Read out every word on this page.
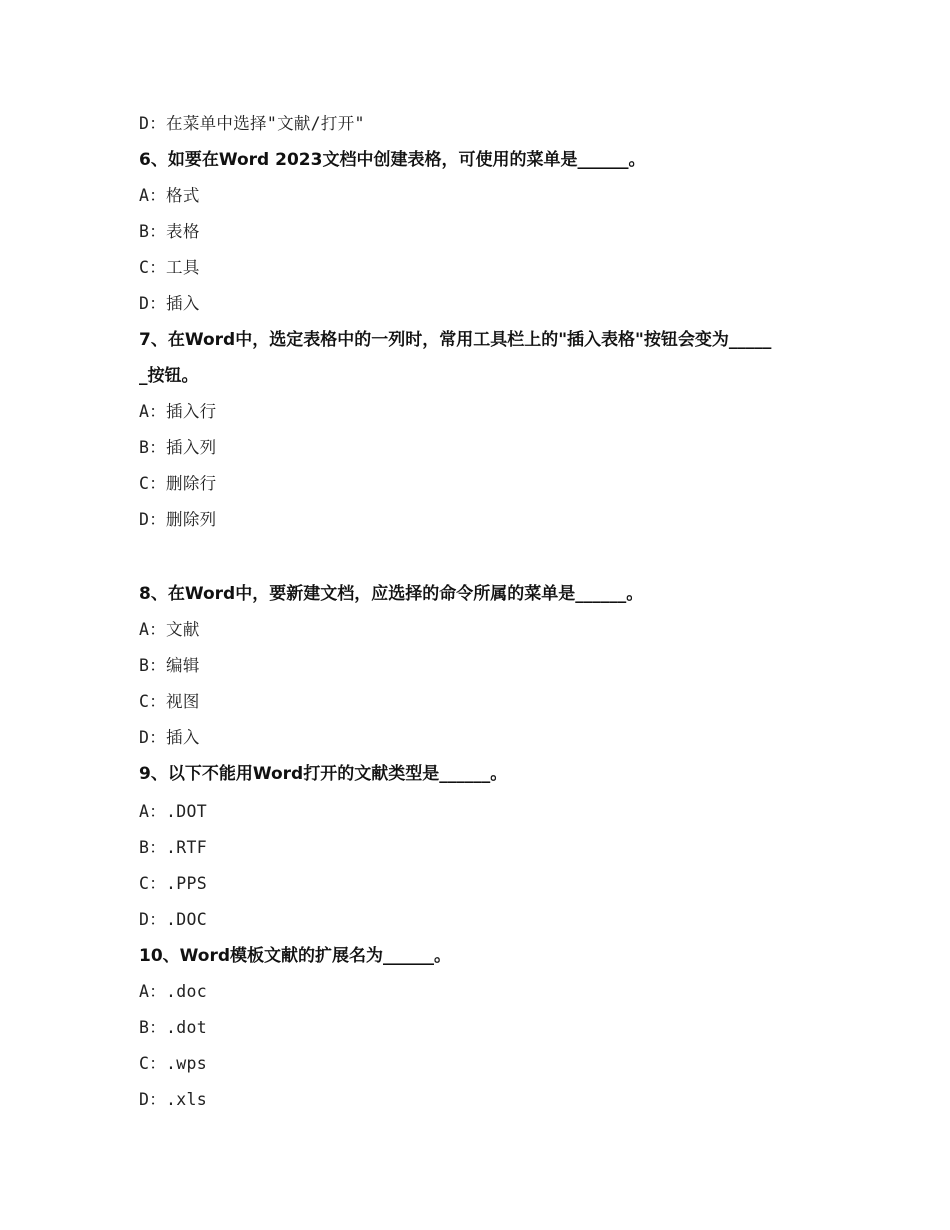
D：在菜单中选择"文献/打开"
6、如要在Word 2023文档中创建表格，可使用的菜单是______。
A：格式
B：表格
C：工具
D：插入
7、在Word中，选定表格中的一列时，常用工具栏上的"插入表格"按钮会变为_____
_按钮。
A：插入行
B：插入列
C：删除行
D：删除列
8、在Word中，要新建文档，应选择的命令所属的菜单是______。
A：文献
B：编辑
C：视图
D：插入
9、以下不能用Word打开的文献类型是______。
A：.DOT
B：.RTF
C：.PPS
D：.DOC
10、Word模板文献的扩展名为______。
A：.doc
B：.dot
C：.wps
D：.xls
